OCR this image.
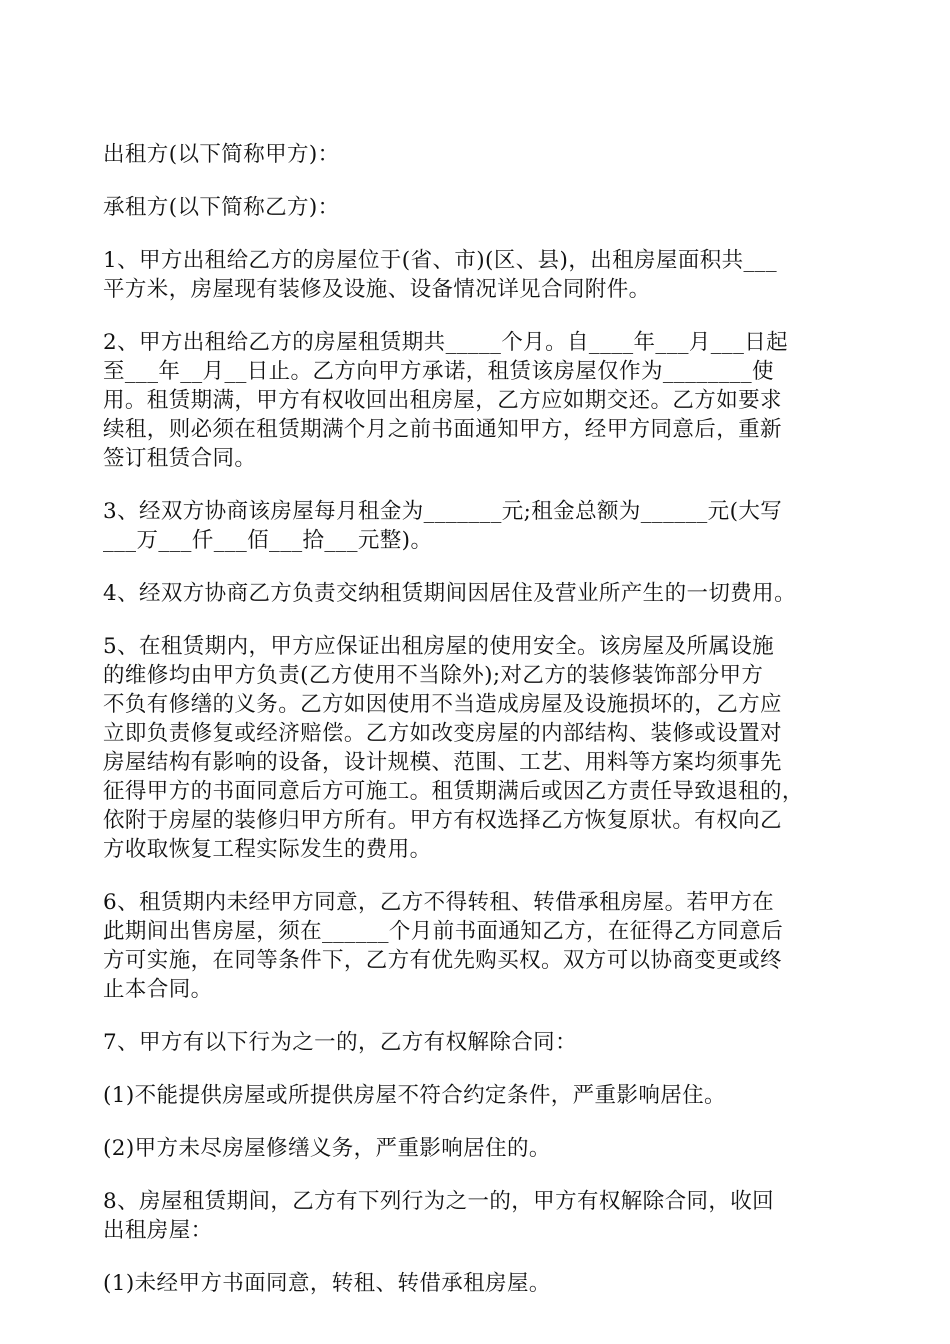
出租方(以下简称甲方)：
承租方(以下简称乙方)：
1、甲方出租给乙方的房屋位于(省、市)(区、县)，出租房屋面积共___
平方米，房屋现有装修及设施、设备情况详见合同附件。
2、甲方出租给乙方的房屋租赁期共_____个月。自____年___月___日起
至___年__月__日止。乙方向甲方承诺，租赁该房屋仅作为________使
用。租赁期满，甲方有权收回出租房屋，乙方应如期交还。乙方如要求
续租，则必须在租赁期满个月之前书面通知甲方，经甲方同意后，重新
签订租赁合同。
3、经双方协商该房屋每月租金为_______元;租金总额为______元(大写
___万___仟___佰___拾___元整)。
4、经双方协商乙方负责交纳租赁期间因居住及营业所产生的一切费用。
5、在租赁期内，甲方应保证出租房屋的使用安全。该房屋及所属设施
的维修均由甲方负责(乙方使用不当除外);对乙方的装修装饰部分甲方
不负有修缮的义务。乙方如因使用不当造成房屋及设施损坏的，乙方应
立即负责修复或经济赔偿。乙方如改变房屋的内部结构、装修或设置对
房屋结构有影响的设备，设计规模、范围、工艺、用料等方案均须事先
征得甲方的书面同意后方可施工。租赁期满后或因乙方责任导致退租的，
依附于房屋的装修归甲方所有。甲方有权选择乙方恢复原状。有权向乙
方收取恢复工程实际发生的费用。
6、租赁期内未经甲方同意，乙方不得转租、转借承租房屋。若甲方在
此期间出售房屋，须在______个月前书面通知乙方，在征得乙方同意后
方可实施，在同等条件下，乙方有优先购买权。双方可以协商变更或终
止本合同。
7、甲方有以下行为之一的，乙方有权解除合同：
(1)不能提供房屋或所提供房屋不符合约定条件，严重影响居住。
(2)甲方未尽房屋修缮义务，严重影响居住的。
8、房屋租赁期间，乙方有下列行为之一的，甲方有权解除合同，收回
出租房屋：
(1)未经甲方书面同意，转租、转借承租房屋。
